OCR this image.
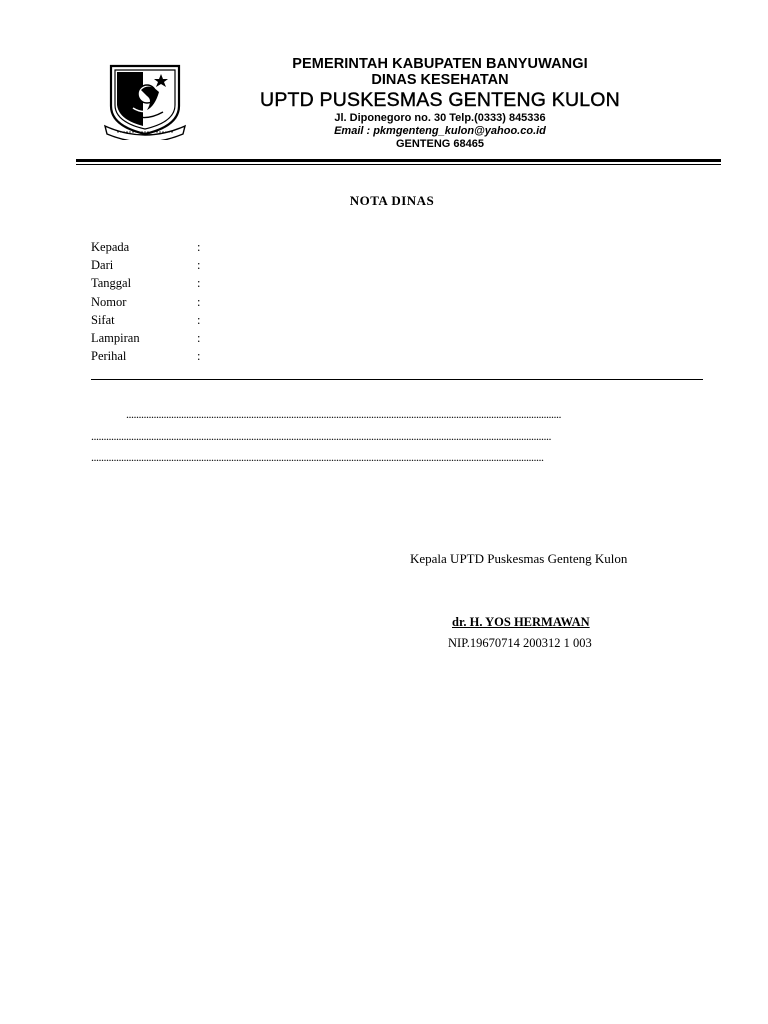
PEMERINTAH KABUPATEN BANYUWANGI
DINAS KESEHATAN
UPTD PUSKESMAS GENTENG KULON
Jl. Diponegoro no. 30 Telp.(0333) 845336
Email : pkmgenteng_kulon@yahoo.co.id
GENTENG 68465
NOTA DINAS
Kepada	:
Dari	:
Tanggal	:
Nomor	:
Sifat	:
Lampiran	:
Perihal	:
..............................................................................................................................................................................
........................................................................................................................................................................................
.....................................................................................................................................................................................
Kepala UPTD Puskesmas Genteng Kulon
dr. H. YOS HERMAWAN
NIP.19670714 200312 1 003
